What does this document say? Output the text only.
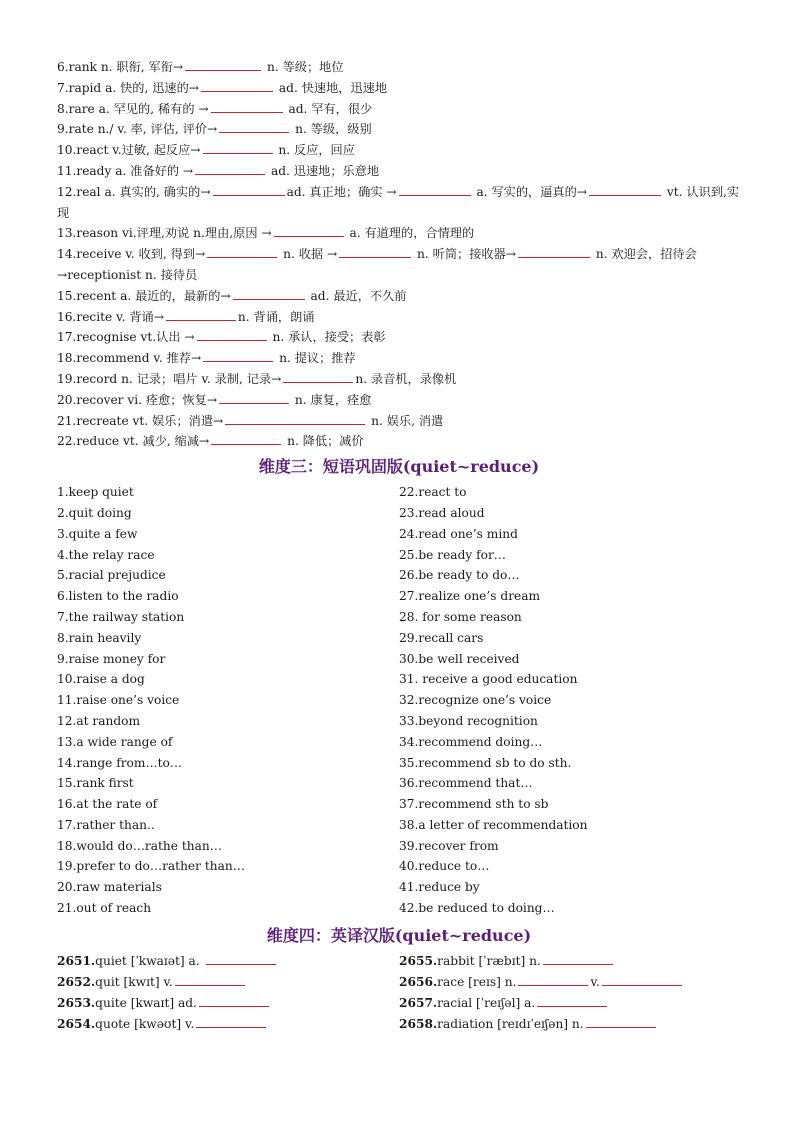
6.rank n. 职衔, 军衔→	n. 等级；地位
7.rapid a. 快的, 迅速的→	ad. 快速地，迅速地
8.rare a. 罕见的, 稀有的 →	ad. 罕有，很少
9.rate n./ v. 率, 评估, 评价→	n. 等级，级别
10.react v.过敏, 起反应→	n. 反应，回应
11.ready a. 准备好的 →	ad. 迅速地；乐意地
12.real a. 真实的, 确实的→	ad. 真正地；确实 →	a. 写实的，逼真的→	vt. 认识到,实现
13.reason vi.评理,劝说 n.理由,原因 →	a. 有道理的，合情理的
14.receive v. 收到, 得到→	n. 收据 →	n. 听筒；接收器→	n. 欢迎会，招待会→receptionist n. 接待员
15.recent a. 最近的，最新的→	ad. 最近，不久前
16.recite v. 背诵→	n. 背诵，朗诵
17.recognise vt.认出 →	n. 承认，接受；表彰
18.recommend v. 推荐→	n. 提议；推荐
19.record n. 记录；唱片 v. 录制, 记录→	n. 录音机，录像机
20.recover vi. 痊愈；恢复→	n. 康复，痊愈
21.recreate vt. 娱乐；消遣→	n. 娱乐, 消遣
22.reduce vt. 减少, 缩减→	n. 降低；减价
维度三：短语巩固版(quiet~reduce)
1.keep quiet
2.quit doing
3.quite a few
4.the relay race
5.racial prejudice
6.listen to the radio
7.the railway station
8.rain heavily
9.raise money for
10.raise a dog
11.raise one’s voice
12.at random
13.a wide range of
14.range from…to…
15.rank first
16.at the rate of
17.rather than..
18.would do…rathe than…
19.prefer to do…rather than…
20.raw materials
21.out of reach
22.react to
23.read aloud
24.read one’s mind
25.be ready for…
26.be ready to do…
27.realize one’s dream
28. for some reason
29.recall cars
30.be well received
31. receive a good education
32.recognize one’s voice
33.beyond recognition
34.recommend doing…
35.recommend sb to do sth.
36.recommend that…
37.recommend sth to sb
38.a letter of recommendation
39.recover from
40.reduce to…
41.reduce by
42.be reduced to doing…
维度四：英译汉版(quiet~reduce)
2651.quiet [ˈkwaɪət] a.
2652.quit [kwɪt] v.
2653.quite [kwaɪt] ad.
2654.quote [kwəʊt] v.
2655.rabbit [ˈræbɪt] n.
2656.race [reɪs] n.	v.
2657.racial [ˈreɪʃəl] a.
2658.radiation [reɪdɪˈeɪʃən] n.
